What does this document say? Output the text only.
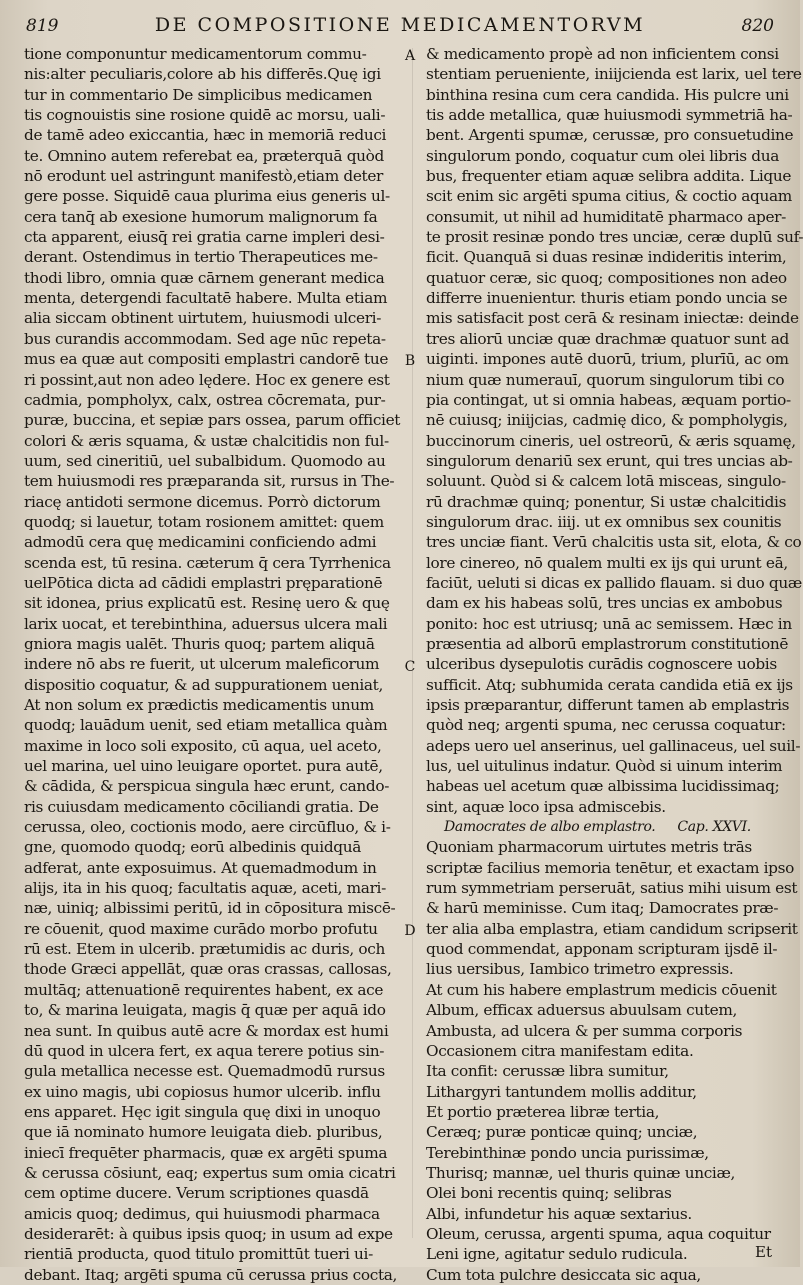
819	DE COMPOSITIONE MEDICAMENTORVM	820
tione componuntur medicamentorum commu-
nis:alter peculiaris,colore ab his differēs.Quę igi
tur in commentario De simplicibus medicamen
tis cognouistis sine rosione quidē ac morsu, uali-
de tamē adeo exiccantia, hæc in memoriā reduci
te. Omnino autem referebat ea, præterquā quòd
nō erodunt uel astringunt manifestò,etiam deter
gere posse. Siquidē caua plurima eius generis ul-
cera tanq̄ ab exesione humorum malignorum fa
cta apparent, eiusq̄ rei gratia carne impleri desi-
derant. Ostendimus in tertio Therapeutices me-
thodi libro, omnia quæ cārnem generant medica
menta, detergendi facultatē habere. Multa etiam
alia siccam obtinent uirtutem, huiusmodi ulceri-
bus curandis accommodam. Sed age nūc repeta-
mus ea quæ aut compositi emplastri candorē tue
ri possint,aut non adeo lędere. Hoc ex genere est
cadmia, pompholyx, calx, ostrea cōcremata, pur-
puræ, buccina, et sepiæ pars ossea, parum officiet
colori & æris squama, & ustæ chalcitidis non ful-
uum, sed cineritiū, uel subalbidum. Quomodo au
tem huiusmodi res præparanda sit, rursus in The-
riacę antidoti sermone dicemus. Porrò dictorum
quodq; si lauetur, totam rosionem amittet: quem
admodū cera quę medicamini conficiendo admi
scenda est, tū resina. cæterum q̄ cera Tyrrhenica
uelPōtica dicta ad cādidi emplastri pręparationē
sit idonea, prius explicatū est. Resinę uero & quę
larix uocat, et terebinthina, aduersus ulcera mali
gniora magis ualēt. Thuris quoq; partem aliquā
indere nō abs re fuerit, ut ulcerum maleficorum
dispositio coquatur, & ad suppurationem ueniat,
At non solum ex prædictis medicamentis unum
quodq; lauādum uenit, sed etiam metallica quàm
maxime in loco soli exposito, cū aqua, uel aceto,
uel marina, uel uino leuigare oportet. pura autē,
& cādida, & perspicua singula hæc erunt, cando-
ris cuiusdam medicamento cōciliandi gratia. De
cerussa, oleo, coctionis modo, aere circūfluo, & i-
gne, quomodo quodq; eorū albedinis quidquā
adferat, ante exposuimus. At quemadmodum in
alijs, ita in his quoq; facultatis aquæ, aceti, mari-
næ, uiniq; albissimi peritū, id in cōpositura miscē-
re cōuenit, quod maxime curādo morbo profutu
rū est. Etem in ulcerib. prætumidis ac duris, och
thode Græci appellāt, quæ oras crassas, callosas,
multāq; attenuationē requirentes habent, ex ace
to, & marina leuigata, magis q̄ quæ per aquā ido
nea sunt. In quibus autē acre & mordax est humi
dū quod in ulcera fert, ex aqua terere potius sin-
gula metallica necesse est. Quemadmodū rursus
ex uino magis, ubi copiosus humor ulcerib. influ
ens apparet. Hęc igit singula quę dixi in unoquo
que iā nominato humore leuigata dieb. pluribus,
iniecī frequēter pharmacis, quæ ex argēti spuma
& cerussa cōsiunt, eaq; expertus sum omia cicatri
cem optime ducere. Verum scriptiones quasdā
amicis quoq; dedimus, qui huiusmodi pharmaca
desiderarēt: à quibus ipsis quoq; in usum ad expe
rientiā producta, quod titulo promittūt tueri ui-
debant. Itaq; argēti spuma cū cerussa prius cocta,
A
B
C
D
& medicamento propè ad non inficientem consi
stentiam perueniente, iniijcienda est larix, uel tere
binthina resina cum cera candida. His pulcre uni
tis adde metallica, quæ huiusmodi symmetriā ha-
bent. Argenti spumæ, cerussæ, pro consuetudine
singulorum pondo, coquatur cum olei libris dua
bus, frequenter etiam aquæ selibra addita. Lique
scit enim sic argēti spuma citius, & coctio aquam
consumit, ut nihil ad humiditatē pharmaco aper-
te prosit resinæ pondo tres unciæ, ceræ duplū suf-
ficit. Quanquā si duas resinæ indideritis interim,
quatuor ceræ, sic quoq; compositiones non adeo
differre inuenientur. thuris etiam pondo uncia se
mis satisfacit post cerā & resinam iniectæ: deinde
tres aliorū unciæ quæ drachmæ quatuor sunt ad
uiginti. impones autē duorū, trium, plurīū, ac om
nium quæ numerauī, quorum singulorum tibi co
pia contingat, ut si omnia habeas, æquam portio-
nē cuiusq; iniijcias, cadmię dico, & pompholygis,
buccinorum cineris, uel ostreorū, & æris squamę,
singulorum denariū sex erunt, qui tres uncias ab-
soluunt. Quòd si & calcem lotā misceas, singulo-
rū drachmæ quinq; ponentur, Si ustæ chalcitidis
singulorum drac. iiij. ut ex omnibus sex counitis
tres unciæ fiant. Verū chalcitis usta sit, elota, & co
lore cinereo, nō qualem multi ex ijs qui urunt eā,
faciūt, ueluti si dicas ex pallido flauam. si duo quæ
dam ex his habeas solū, tres uncias ex ambobus
ponito: hoc est utriusq; unā ac semissem. Hæc in
præsentia ad alborū emplastrorum constitutionē
ulceribus dysepulotis curādis cognoscere uobis
sufficit. Atq; subhumida cerata candida etiā ex ijs
ipsis præparantur, differunt tamen ab emplastris
quòd neq; argenti spuma, nec cerussa coquatur:
adeps uero uel anserinus, uel gallinaceus, uel suil-
lus, uel uitulinus indatur. Quòd si uinum interim
habeas uel acetum quæ albissima lucidissimaq;
sint, aquæ loco ipsa admiscebis.
Damocrates de albo emplastro. Cap. XXVI.
Quoniam pharmacorum uirtutes metris trās
scriptæ facilius memoria tenētur, et exactam ipso
rum symmetriam perseruāt, satius mihi uisum est
& harū meminisse. Cum itaq; Damocrates præ-
ter alia alba emplastra, etiam candidum scripserit
quod commendat, apponam scripturam ijsdē il-
lius uersibus, Iambico trimetro expressis.
At cum his habere emplastrum medicis cōuenit
Album, efficax aduersus abuulsam cutem,
Ambusta, ad ulcera & per summa corporis
Occasionem citra manifestam edita.
Ita confit: cerussæ libra sumitur,
Lithargyri tantundem mollis additur,
Et portio præterea libræ tertia,
Ceræq; puræ ponticæ quinq; unciæ,
Terebinthinæ pondo uncia purissimæ,
Thurisq; mannæ, uel thuris quinæ unciæ,
Olei boni recentis quinq; selibras
Albi, infundetur his aquæ sextarius.
Oleum, cerussa, argenti spuma, aqua coquitur
Leni igne, agitatur sedulo rudicula.
Cum tota pulchre desiccata sic aqua,
Et
